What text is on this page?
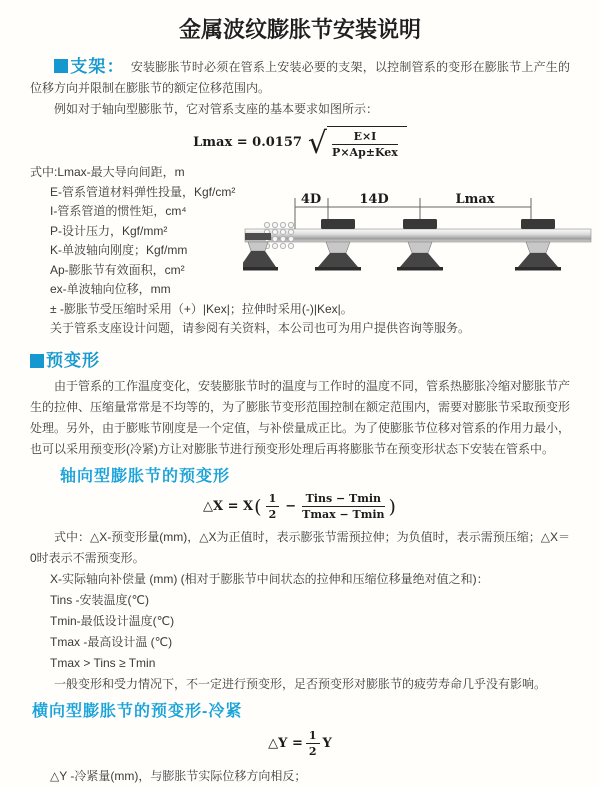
金属波纹膨胀节安装说明

支架： 安装膨胀节时必须在管系上安装必要的支架，以控制管系的变形在膨胀节上产生的位移方向并限制在膨胀节的额定位移范围内。

例如对于轴向型膨胀节，它对管系支座的基本要求如图所示：

Lmax = 0.0157 √ $\frac{E\times I}{\text{P×Ap±Kex}}$

式中:Lmax-最大导向间距，m

E-管系管道材料弹性投量，Kgf/cm²

I-管系管道的惯性矩，cm⁴

P-设计压力，Kgf/mm²

K-单波轴向刚度；Kgf/mm

Ap-膨胀节有效面积，cm²

ex-单波轴向位移，mm

± -膨胀节受压缩时采用（+）|Kex|；拉伸时采用(-)|Kex|。

关于管系支座设计问题，请参阅有关资料，本公司也可为用户提供咨询等服务。

4D	14D	Lmax
预变形

由于管系的工作温度变化，安装膨胀节时的温度与工作时的温度不同，管系热膨胀冷缩对膨胀节产生的拉伸、压缩量常常是不均等的，为了膨胀节变形范围控制在额定范围内，需要对膨胀节采取预变形处理。另外，由于膨账节刚度是一个定值，与补偿量成正比。为了使膨胀节位移对管系的作用力最小，也可以采用预变形(冷紧)方让对膨胀节进行预变形处理后再将膨胀节在预变形状态下安装在管系中。

轴向型膨胀节的预变形
△X = X ( $\frac{1}{2} - \frac{\text{Tins − Tmin}}{Tmax - Tmin}$ )

式中：△X-预变形量(mm)，△X为正值时，表示膨张节需预拉伸；为负值时，表示需预压缩；△X＝0时表示不需预变形。

X-实际轴向补偿量 (mm) (相对于膨胀节中间状态的拉伸和压缩位移量绝对值之和)：

Tins -安装温度(℃)

Tmin-最低设计温度(℃)

Tmax -最高设计温 (℃)

Tmax > Tins ≥ Tmin

一般变形和受力情况下，不一定进行预变形，足否预变形对膨胀节的疲劳寿命几乎没有影响。

横向型膨胀节的预变形-冷紧
△Y = $\frac{1}{2}$ Y

△Y -冷紧量(mm)，与膨胀节实际位移方向相反；
